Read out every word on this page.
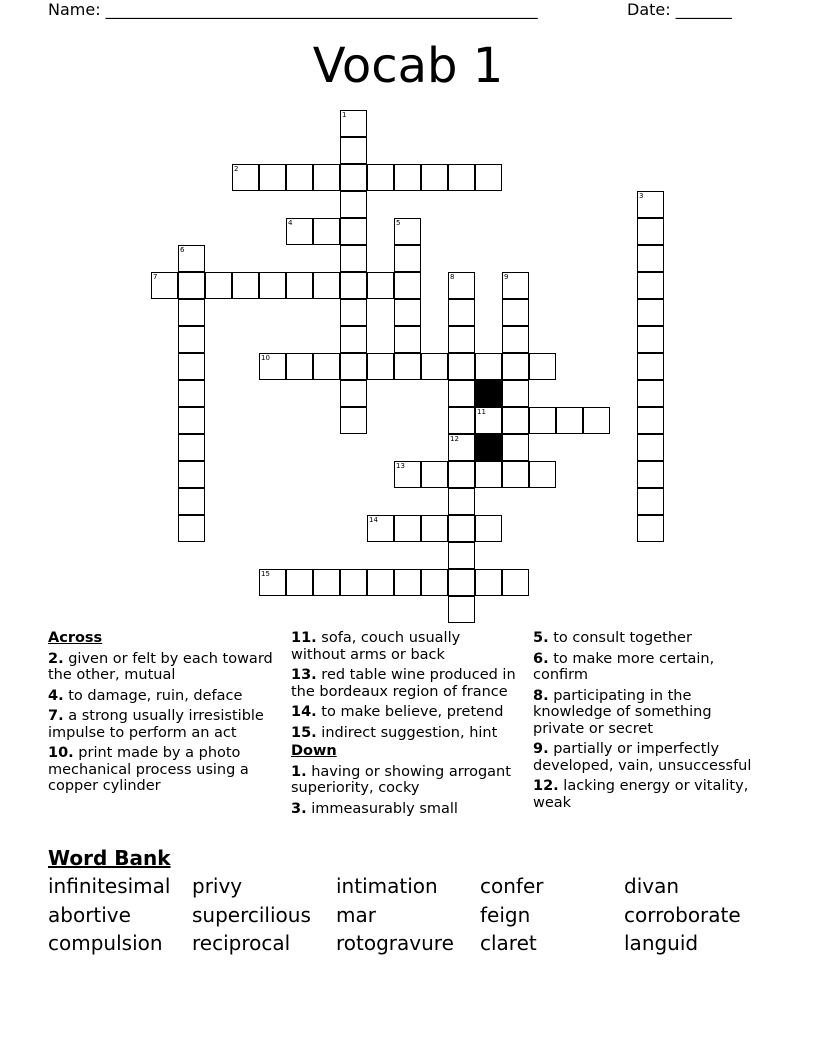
Name: ______________________________________________________	Date: _______
Vocab 1
1
2
3
4	5
6
7	8	9
10
11
12
13
14
15
Across
2. given or felt by each toward the other, mutual
4. to damage, ruin, deface
7. a strong usually irresistible impulse to perform an act
10. print made by a photo mechanical process using a copper cylinder
11. sofa, couch usually without arms or back
13. red table wine produced in the bordeaux region of france
14. to make believe, pretend
15. indirect suggestion, hint
Down
1. having or showing arrogant superiority, cocky
3. immeasurably small
5. to consult together
6. to make more certain, confirm
8. participating in the knowledge of something private or secret
9. partially or imperfectly developed, vain, unsuccessful
12. lacking energy or vitality, weak
Word Bank
infinitesimal privy	intimation confer	divan
abortive	supercilious mar	feign	corroborate
compulsion reciprocal rotogravure claret	languid
